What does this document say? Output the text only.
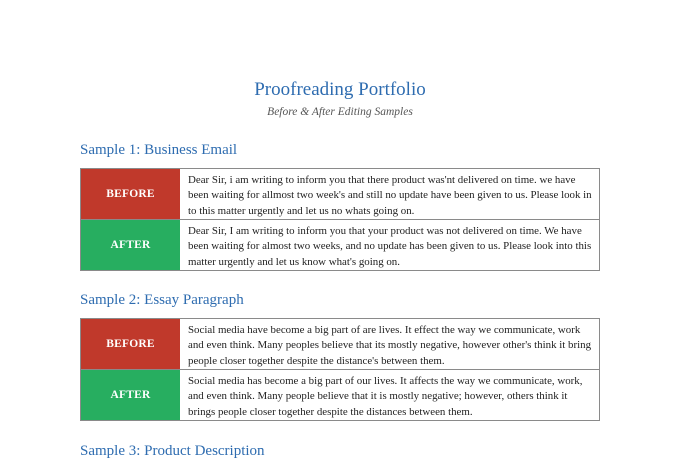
Proofreading Portfolio
Before & After Editing Samples
Sample 1: Business Email
BEFORE
Dear Sir, i am writing to inform you that there product was'nt delivered on time. we have been waiting for allmost two week's and still no update have been given to us. Please look in to this matter urgently and let us no whats going on.
AFTER
Dear Sir, I am writing to inform you that your product was not delivered on time. We have been waiting for almost two weeks, and no update has been given to us. Please look into this matter urgently and let us know what's going on.
Sample 2: Essay Paragraph
BEFORE
Social media have become a big part of are lives. It effect the way we communicate, work and even think. Many peoples believe that its mostly negative, however other's think it bring people closer together despite the distance's between them.
AFTER
Social media has become a big part of our lives. It affects the way we communicate, work, and even think. Many people believe that it is mostly negative; however, others think it brings people closer together despite the distances between them.
Sample 3: Product Description
